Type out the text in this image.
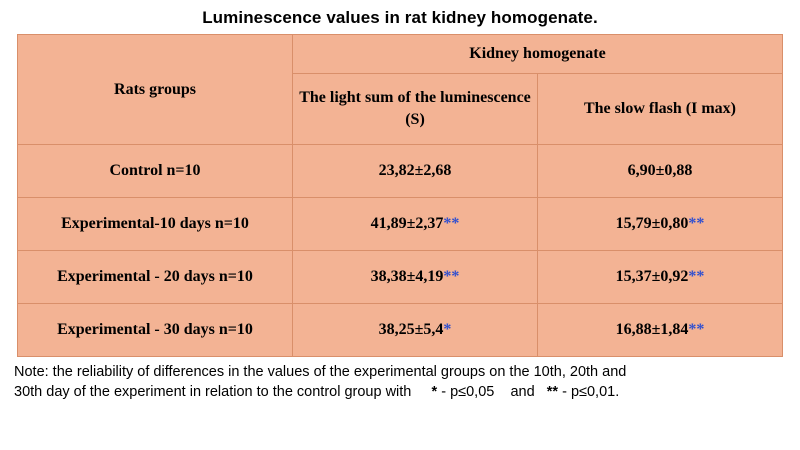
Luminescence values in rat kidney homogenate.
Rats groups	Kidney homogenate	
	The light sum of the luminescence (S)	The slow flash (I max)
Control n=10	23,82±2,68	6,90±0,88
Experimental-10 days n=10	41,89±2,37**	15,79±0,80**
Experimental - 20 days n=10	38,38±4,19**	15,37±0,92**
Experimental - 30 days n=10	38,25±5,4*	16,88±1,84**
Note: the reliability of differences in the values of the experimental groups on the 10th, 20th and
30th day of the experiment in relation to the control group with * - p≤0,05 and ** - p≤0,01.
